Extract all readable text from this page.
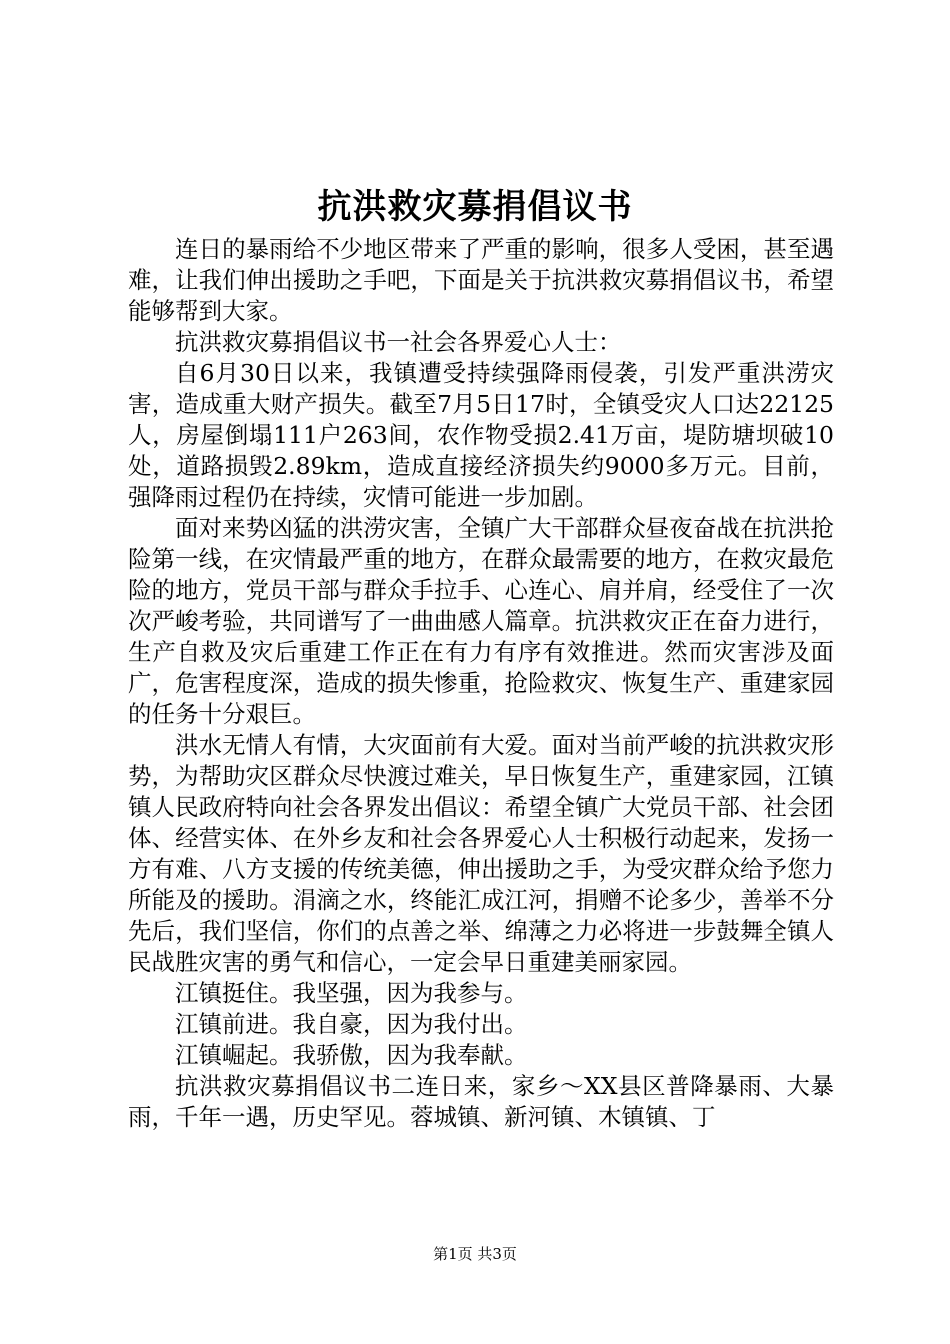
抗洪救灾募捐倡议书

连日的暴雨给不少地区带来了严重的影响，很多人受困，甚至遇难，让我们伸出援助之手吧，下面是关于抗洪救灾募捐倡议书，希望能够帮到大家。

抗洪救灾募捐倡议书一社会各界爱心人士：

自6月30日以来，我镇遭受持续强降雨侵袭，引发严重洪涝灾害，造成重大财产损失。截至7月5日17时，全镇受灾人口达22125人，房屋倒塌111户263间，农作物受损2.41万亩，堤防塘坝破10处，道路损毁2.89km，造成直接经济损失约9000多万元。目前，强降雨过程仍在持续，灾情可能进一步加剧。

面对来势凶猛的洪涝灾害，全镇广大干部群众昼夜奋战在抗洪抢险第一线，在灾情最严重的地方，在群众最需要的地方，在救灾最危险的地方，党员干部与群众手拉手、心连心、肩并肩，经受住了一次次严峻考验，共同谱写了一曲曲感人篇章。抗洪救灾正在奋力进行，生产自救及灾后重建工作正在有力有序有效推进。然而灾害涉及面广，危害程度深，造成的损失惨重，抢险救灾、恢复生产、重建家园的任务十分艰巨。

洪水无情人有情，大灾面前有大爱。面对当前严峻的抗洪救灾形势，为帮助灾区群众尽快渡过难关，早日恢复生产，重建家园，江镇镇人民政府特向社会各界发出倡议：希望全镇广大党员干部、社会团体、经营实体、在外乡友和社会各界爱心人士积极行动起来，发扬一方有难、八方支援的传统美德，伸出援助之手，为受灾群众给予您力所能及的援助。涓滴之水，终能汇成江河，捐赠不论多少，善举不分先后，我们坚信，你们的点善之举、绵薄之力必将进一步鼓舞全镇人民战胜灾害的勇气和信心，一定会早日重建美丽家园。

江镇挺住。我坚强，因为我参与。

江镇前进。我自豪，因为我付出。

江镇崛起。我骄傲，因为我奉献。

抗洪救灾募捐倡议书二连日来，家乡～XX县区普降暴雨、大暴雨，千年一遇，历史罕见。蓉城镇、新河镇、木镇镇、丁

第1页 共3页
